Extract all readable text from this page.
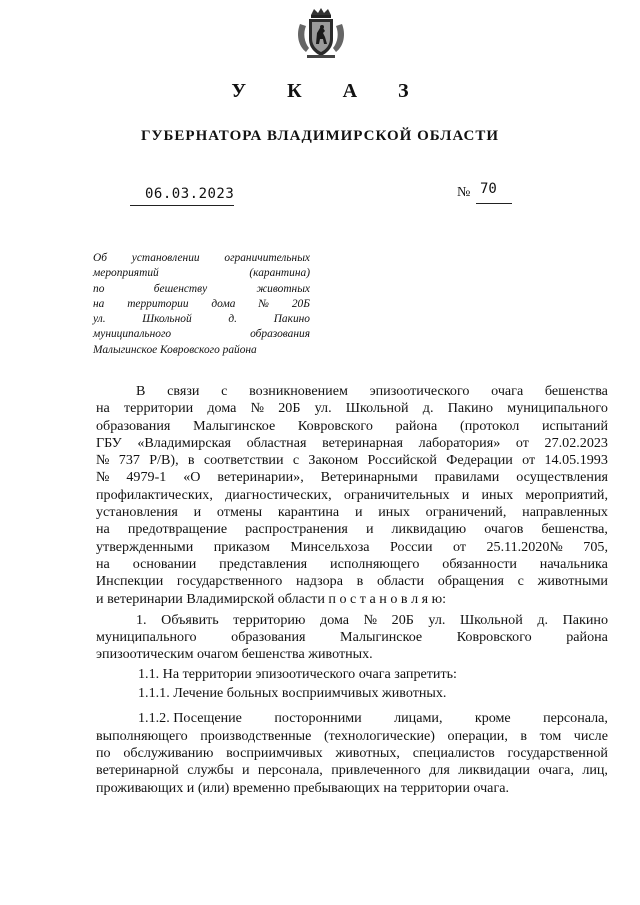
У К А З
ГУБЕРНАТОРА ВЛАДИМИРСКОЙ ОБЛАСТИ
06.03.2023	№ 70
Об установлении ограничительных
мероприятий	(карантина)
по	бешенству	животных
на территории дома № 20Б
ул.	Школьной	д.	Пакино
муниципального	образования
Малыгинское Ковровского района
В связи с возникновением эпизоотического очага бешенства
на территории дома № 20Б ул. Школьной д. Пакино муниципального
образования Малыгинское Ковровского района (протокол испытаний
ГБУ «Владимирская областная ветеринарная лаборатория» от 27.02.2023
№ 737 Р/В), в соответствии с Законом Российской Федерации от 14.05.1993
№ 4979-1 «О ветеринарии», Ветеринарными правилами осуществления
профилактических, диагностических, ограничительных и иных мероприятий,
установления и отмены карантина и иных ограничений, направленных
на предотвращение распространения и ликвидацию очагов бешенства,
утвержденными приказом Минсельхоза России от 25.11.2020№ 705,
на основании представления исполняющего обязанности начальника
Инспекции государственного надзора в области обращения с животными
и ветеринарии Владимирской области п о с т а н о в л я ю:
1. Объявить территорию дома № 20Б ул. Школьной д. Пакино
муниципального образования Малыгинское Ковровского района
эпизоотическим очагом бешенства животных.
1.1. На территории эпизоотического очага запретить:
1.1.1. Лечение больных восприимчивых животных.
1.1.2. Посещение посторонними лицами, кроме персонала,
выполняющего производственные (технологические) операции, в том числе
по обслуживанию восприимчивых животных, специалистов государственной
ветеринарной службы и персонала, привлеченного для ликвидации очага, лиц,
проживающих и (или) временно пребывающих на территории очага.
